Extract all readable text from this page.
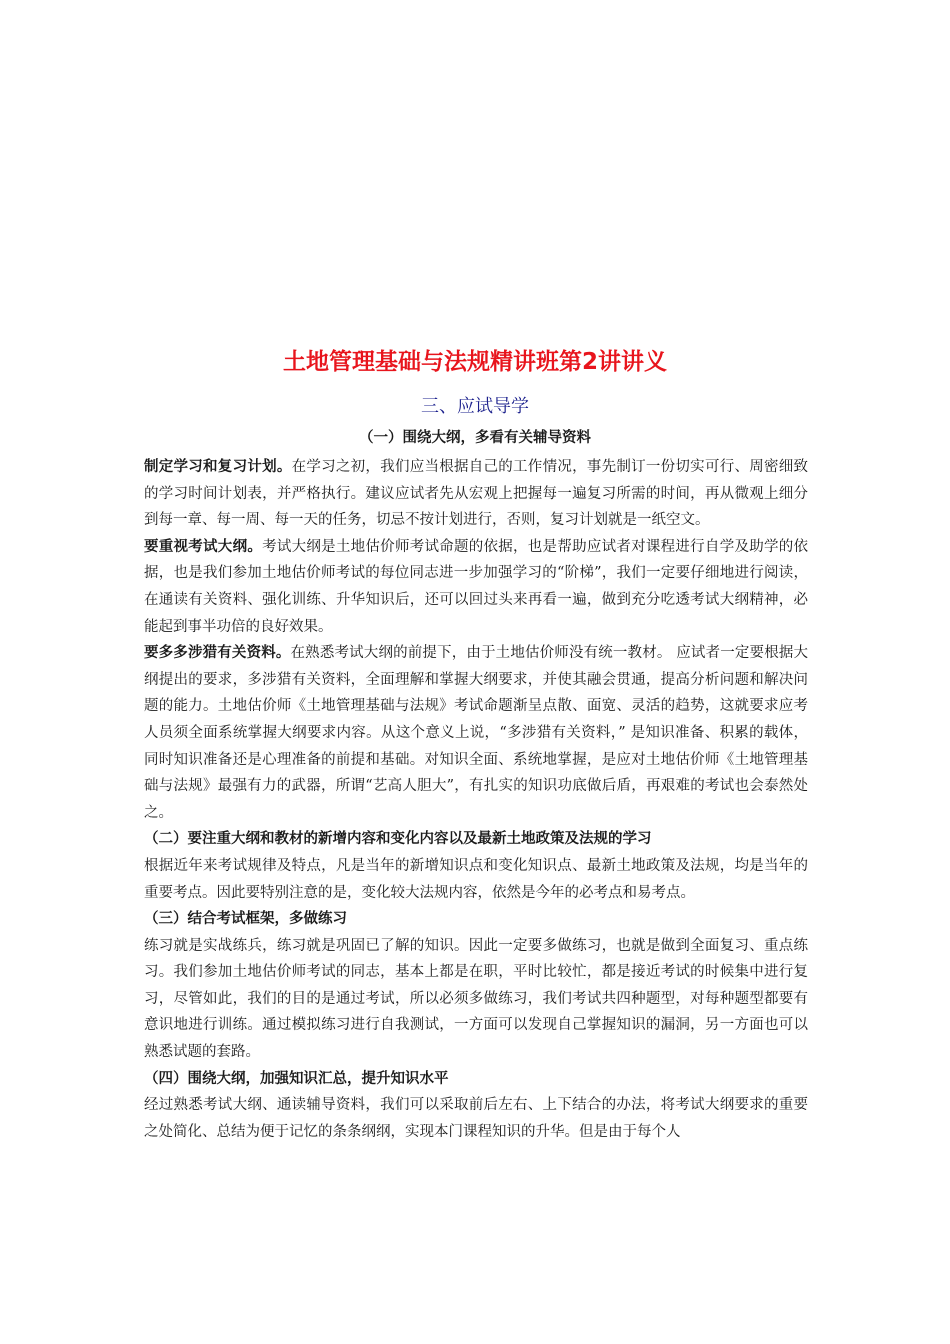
土地管理基础与法规精讲班第2讲讲义
三、应试导学
（一）围绕大纲，多看有关辅导资料

制定学习和复习计划。在学习之初，我们应当根据自己的工作情况，事先制订一份切实可行、周密细致的学习时间计划表，并严格执行。建议应试者先从宏观上把握每一遍复习所需的时间，再从微观上细分到每一章、每一周、每一天的任务，切忌不按计划进行，否则，复习计划就是一纸空文。

要重视考试大纲。考试大纲是土地估价师考试命题的依据，也是帮助应试者对课程进行自学及助学的依据，也是我们参加土地估价师考试的每位同志进一步加强学习的“阶梯”，我们一定要仔细地进行阅读，在通读有关资料、强化训练、升华知识后，还可以回过头来再看一遍，做到充分吃透考试大纲精神，必能起到事半功倍的良好效果。

要多多涉猎有关资料。在熟悉考试大纲的前提下，由于土地估价师没有统一教材。 应试者一定要根据大纲提出的要求，多涉猎有关资料，全面理解和掌握大纲要求，并使其融会贯通，提高分析问题和解决问题的能力。土地估价师《土地管理基础与法规》考试命题渐呈点散、面宽、灵活的趋势，这就要求应考人员须全面系统掌握大纲要求内容。从这个意义上说，“多涉猎有关资料，” 是知识准备、积累的载体，同时知识准备还是心理准备的前提和基础。对知识全面、系统地掌握，是应对土地估价师《土地管理基础与法规》最强有力的武器，所谓“艺高人胆大”，有扎实的知识功底做后盾，再艰难的考试也会泰然处之。

（二）要注重大纲和教材的新增内容和变化内容以及最新土地政策及法规的学习

根据近年来考试规律及特点，凡是当年的新增知识点和变化知识点、最新土地政策及法规，均是当年的重要考点。因此要特别注意的是，变化较大法规内容，依然是今年的必考点和易考点。

（三）结合考试框架，多做练习

练习就是实战练兵，练习就是巩固已了解的知识。因此一定要多做练习，也就是做到全面复习、重点练习。我们参加土地估价师考试的同志，基本上都是在职，平时比较忙，都是接近考试的时候集中进行复习，尽管如此，我们的目的是通过考试，所以必须多做练习，我们考试共四种题型，对每种题型都要有意识地进行训练。通过模拟练习进行自我测试，一方面可以发现自己掌握知识的漏洞，另一方面也可以熟悉试题的套路。

（四）围绕大纲，加强知识汇总，提升知识水平

经过熟悉考试大纲、通读辅导资料，我们可以采取前后左右、上下结合的办法，将考试大纲要求的重要之处简化、总结为便于记忆的条条纲纲，实现本门课程知识的升华。但是由于每个人
